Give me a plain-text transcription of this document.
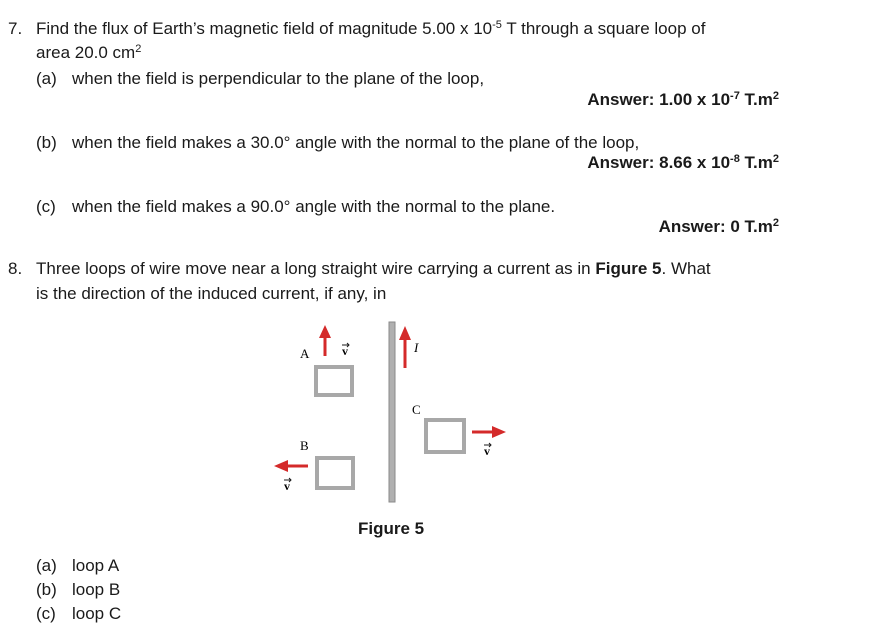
7. Find the flux of Earth’s magnetic field of magnitude 5.00 x $10^{-5}$ T through a square loop of
area 20.0 $cm^2$
(a) when the field is perpendicular to the plane of the loop,
Answer: 1.00 x $10^{-7}$ $T.m^2$
(b) when the field makes a 30.0° angle with the normal to the plane of the loop,
Answer: 8.66 x $10^{-8}$ $T.m^2$
(c) when the field makes a 90.0° angle with the normal to the plane.
Answer: 0 $T.m^2$
8. Three loops of wire move near a long straight wire carrying a current as in Figure 5. What
is the direction of the induced current, if any, in
I
A	v
B
v
C
v
Figure 5
(a) loop A
(b) loop B
(c) loop C
